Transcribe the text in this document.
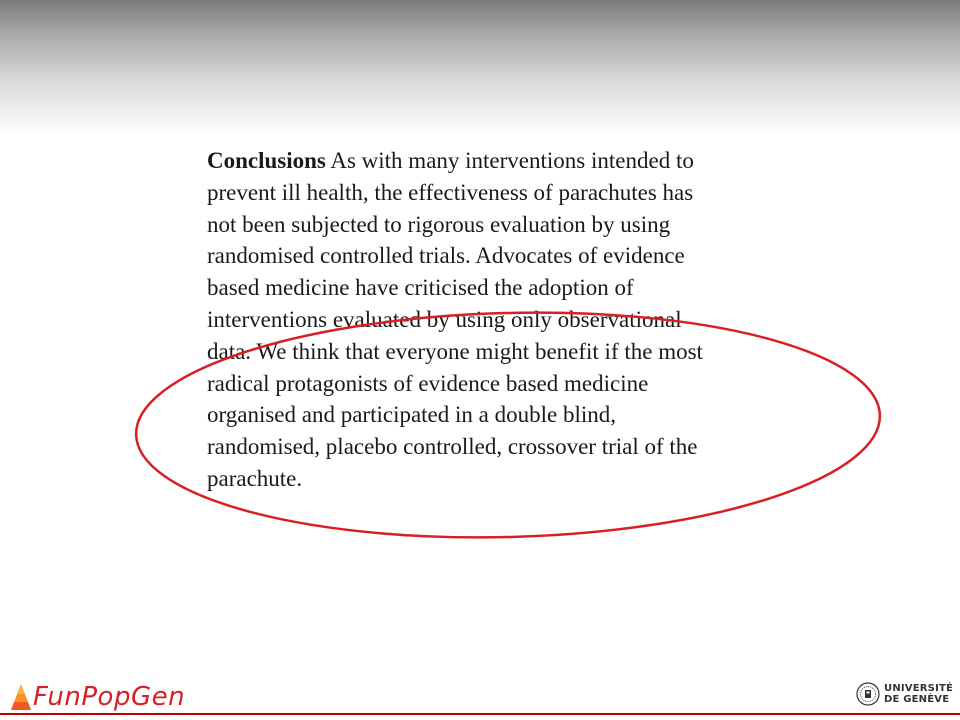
Conclusions As with many interventions intended to
prevent ill health, the effectiveness of parachutes has
not been subjected to rigorous evaluation by using
randomised controlled trials. Advocates of evidence
based medicine have criticised the adoption of
interventions evaluated by using only observational
data. We think that everyone might benefit if the most
radical protagonists of evidence based medicine
organised and participated in a double blind,
randomised, placebo controlled, crossover trial of the
parachute.

FunPopGen	UNIVERSITÉ
DE GENÈVE
